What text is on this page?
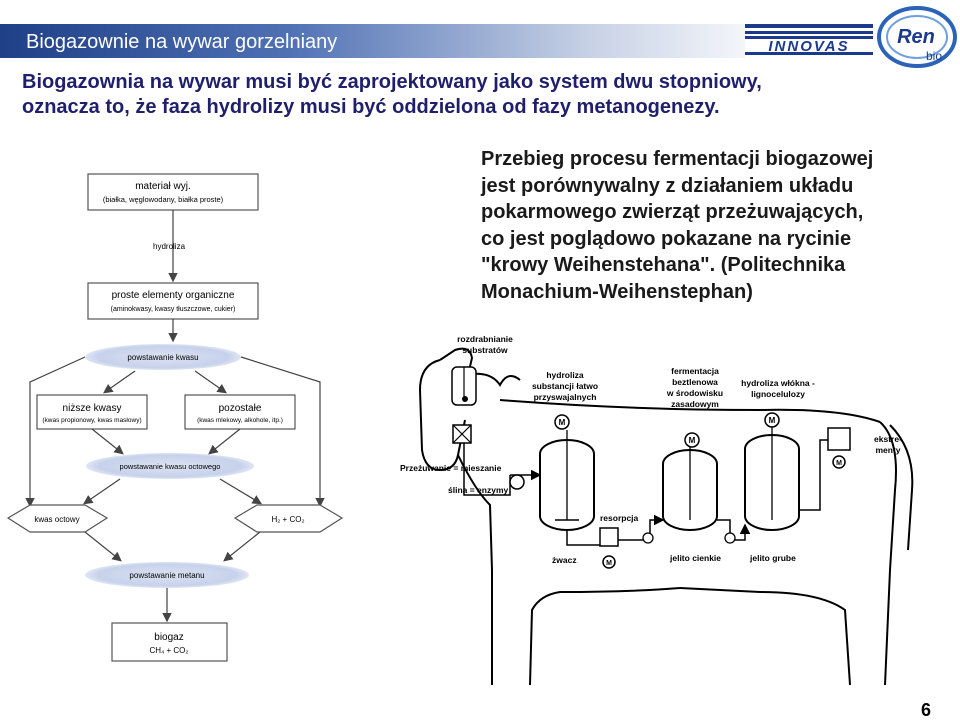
Biogazownie na wywar gorzelniany	INNOVAS Ren
bio
Biogazownia na wywar musi być zaprojektowany jako system dwu stopniowy,
oznacza to, że faza hydrolizy musi być oddzielona od fazy metanogenezy.
Przebieg procesu fermentacji biogazowej
jest porównywalny z działaniem układu
pokarmowego zwierząt przeżuwających,
co jest poglądowo pokazane na rycinie
"krowy Weihenstehana". (Politechnika
Monachium-Weihenstephan)
materiał wyj.
(białka, węglowodany, białka proste)
hydroliza
proste elementy organiczne
(aminokwasy, kwasy tłuszczowe, cukier)
powstawanie kwasu
niższe kwasy
(kwas propionowy, kwas masłowy)
pozostałe
(kwas mlekowy, alkohole, itp.)
powstawanie kwasu octowego
kwas octowy	H₂ + CO₂
powstawanie metanu
biogaz
CH₄ + CO₂
rozdrabnianie
substratów
hydroliza
substancji łatwo
przyswajalnych
fermentacja
beztlenowa
w środowisku
zasadowym
hydroliza włókna -
lignocelulozy
ekstre-
menty
Przeżuwanie = mieszanie
ślina = enzymy
resorpcja
żwacz	jelito cienkie	jelito grube
M
M
M
M
M
6
